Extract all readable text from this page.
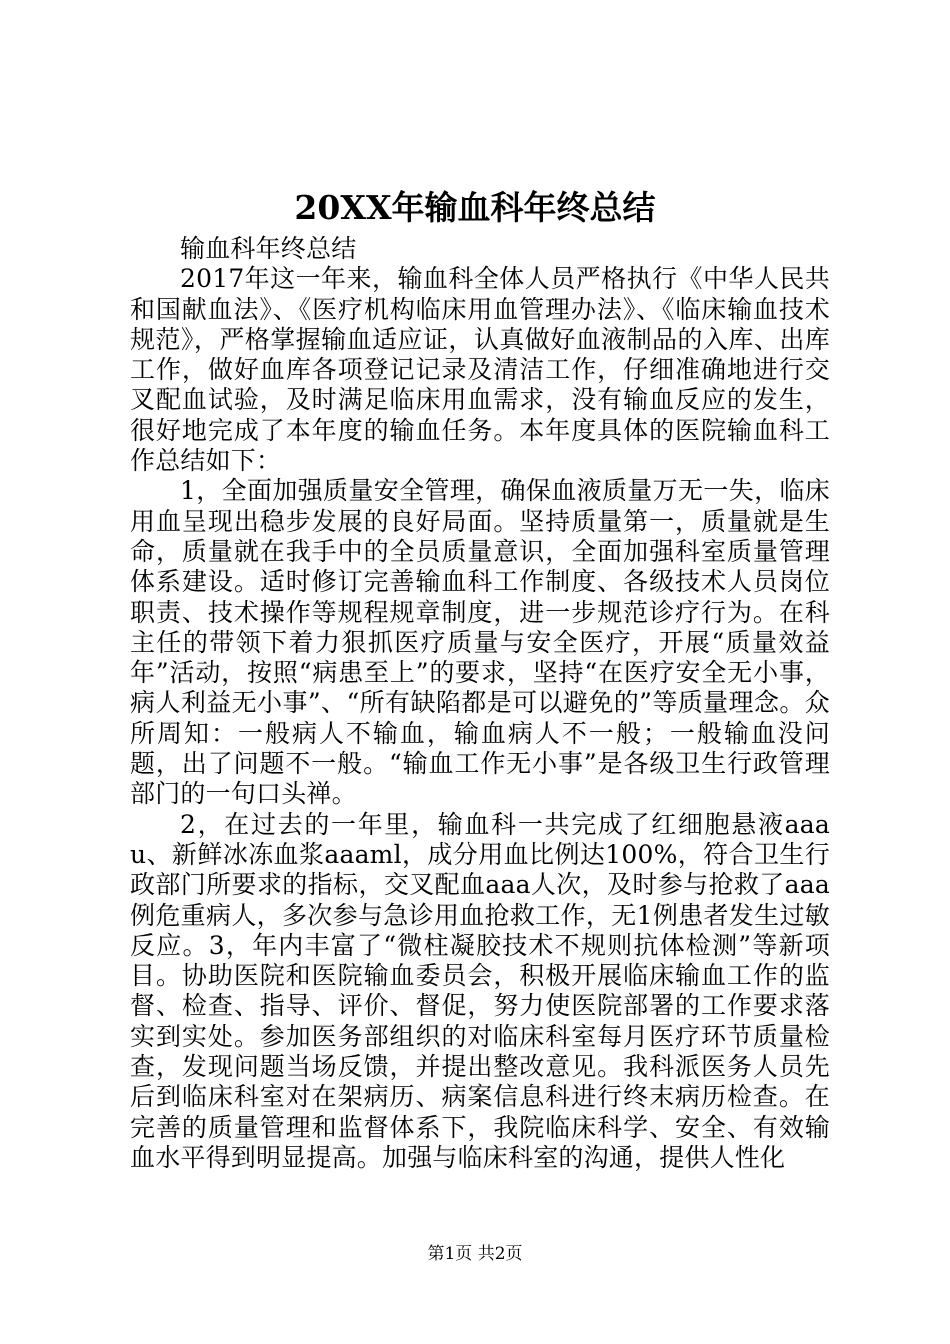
20XX年输血科年终总结

输血科年终总结

2017年这一年来，输血科全体人员严格执行《中华人民共和国献血法》、《医疗机构临床用血管理办法》、《临床输血技术规范》，严格掌握输血适应证，认真做好血液制品的入库、出库工作，做好血库各项登记记录及清洁工作，仔细准确地进行交叉配血试验，及时满足临床用血需求，没有输血反应的发生，很好地完成了本年度的输血任务。本年度具体的医院输血科工作总结如下：

1，全面加强质量安全管理，确保血液质量万无一失，临床用血呈现出稳步发展的良好局面。坚持质量第一，质量就是生命，质量就在我手中的全员质量意识，全面加强科室质量管理体系建设。适时修订完善输血科工作制度、各级技术人员岗位职责、技术操作等规程规章制度，进一步规范诊疗行为。在科主任的带领下着力狠抓医疗质量与安全医疗，开展“质量效益年”活动，按照“病患至上”的要求，坚持“在医疗安全无小事，病人利益无小事”、“所有缺陷都是可以避免的”等质量理念。众所周知：一般病人不输血，输血病人不一般；一般输血没问题，出了问题不一般。“输血工作无小事”是各级卫生行政管理部门的一句口头禅。

2，在过去的一年里，输血科一共完成了红细胞悬液aaau、新鲜冰冻血浆aaaml，成分用血比例达100%，符合卫生行政部门所要求的指标，交叉配血aaa人次，及时参与抢救了aaa例危重病人，多次参与急诊用血抢救工作，无1例患者发生过敏反应。3，年内丰富了“微柱凝胶技术不规则抗体检测”等新项目。协助医院和医院输血委员会，积极开展临床输血工作的监督、检查、指导、评价、督促，努力使医院部署的工作要求落实到实处。参加医务部组织的对临床科室每月医疗环节质量检查，发现问题当场反馈，并提出整改意见。我科派医务人员先后到临床科室对在架病历、病案信息科进行终末病历检查。在完善的质量管理和监督体系下，我院临床科学、安全、有效输血水平得到明显提高。加强与临床科室的沟通，提供人性化

第1页 共2页
